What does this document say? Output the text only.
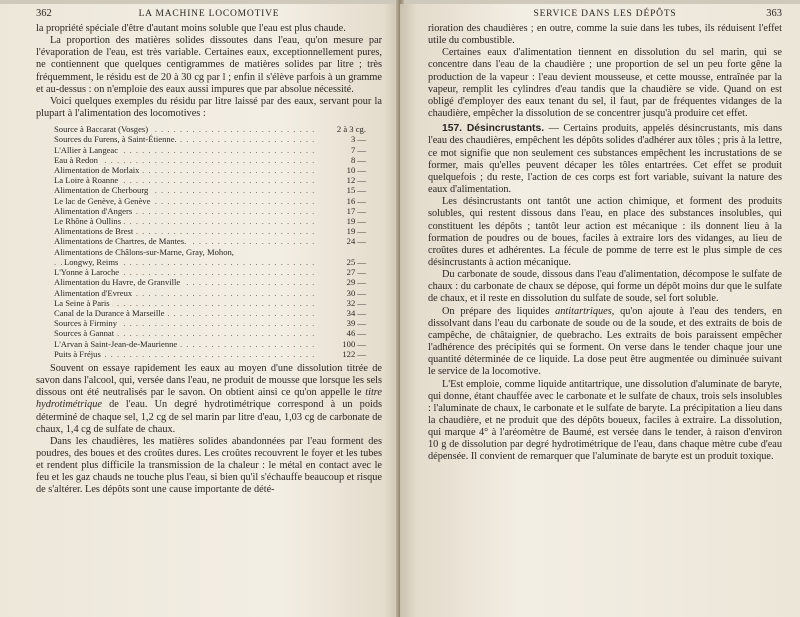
362	LA MACHINE LOCOMOTIVE

la propriété spéciale d'être d'autant moins soluble que l'eau est plus chaude.

La proportion des matières solides dissoutes dans l'eau, qu'on mesure par l'évaporation de l'eau, est très variable. Certaines eaux, exceptionnellement pures, ne contiennent que quelques centigrammes de matières solides par litre ; très fréquemment, le résidu est de 20 à 30 cg par l ; enfin il s'élève parfois à un gramme et au-dessus : on n'emploie des eaux aussi impures que par absolue nécessité.

Voici quelques exemples du résidu par litre laissé par des eaux, servant pour la plupart à l'alimentation des locomotives :

Source à Baccarat (Vosges) . . .	2 à 3 cg.
Sources du Furens, à Saint-Étienne. . . .	3 —
L'Allier à Langeac . . .	7 —
Eau à Redon . . .	8 —
Alimentation de Morlaix . . .	10 —
La Loire à Roanne . . .	12 —
Alimentation de Cherbourg . . .	15 —
Le lac de Genève, à Genève . . .	16 —
Alimentation d'Angers . . .	17 —
Le Rhône à Oullins . . .	19 —
Alimentations de Brest . . .	19 —
Alimentations de Chartres, de Mantes. . . .	24 —
Alimentations de Châlons-sur-Marne, Gray, Mohon,
Longwy, Reims . . .	25 —
L'Yonne à Laroche . . .	27 —
Alimentation du Havre, de Granville . . .	29 —
Alimentation d'Evreux . . .	30 —
La Seine à Paris . . .	32 —
Canal de la Durance à Marseille . . .	34 —
Sources à Firminy . . .	39 —
Sources à Gannat . . .	46 —
L'Arvan à Saint-Jean-de-Maurienne . . .	100 —
Puits à Fréjus . . .	122 —

Souvent on essaye rapidement les eaux au moyen d'une dissolution titrée de savon dans l'alcool, qui, versée dans l'eau, ne produit de mousse que lorsque les sels dissous ont été neutralisés par le savon. On obtient ainsi ce qu'on appelle le titre hydrotimétrique de l'eau. Un degré hydrotimétrique correspond à un poids déterminé de chaque sel, 1,2 cg de sel marin par litre d'eau, 1,03 cg de carbonate de chaux, 1,4 cg de sulfate de chaux.

Dans les chaudières, les matières solides abandonnées par l'eau forment des poudres, des boues et des croûtes dures. Les croûtes recouvrent le foyer et les tubes et rendent plus difficile la transmission de la chaleur : le métal en contact avec le feu et les gaz chauds ne touche plus l'eau, si bien qu'il s'échauffe beaucoup et risque de s'altérer. Les dépôts sont une cause importante de dété-

SERVICE DANS LES DÉPÔTS	363

rioration des chaudières ; en outre, comme la suie dans les tubes, ils réduisent l'effet utile du combustible.

Certaines eaux d'alimentation tiennent en dissolution du sel marin, qui se concentre dans l'eau de la chaudière ; une proportion de sel un peu forte gêne la production de la vapeur : l'eau devient mousseuse, et cette mousse, entraînée par la vapeur, remplit les cylindres d'eau tandis que la chaudière se vide. Quand on est obligé d'employer des eaux tenant du sel, il faut, par de fréquentes vidanges de la chaudière, empêcher la dissolution de se concentrer jusqu'à produire cet effet.

157. Désincrustants. — Certains produits, appelés désincrustants, mis dans l'eau des chaudières, empêchent les dépôts solides d'adhérer aux tôles ; pris à la lettre, ce mot signifie que non seulement ces substances empêchent les incrustations de se former, mais qu'elles peuvent décaper les tôles entartrées. Cet effet se produit quelquefois ; du reste, l'action de ces corps est fort variable, suivant la nature des eaux d'alimentation.

Les désincrustants ont tantôt une action chimique, et forment des produits solubles, qui restent dissous dans l'eau, en place des substances insolubles, qui constituent les dépôts ; tantôt leur action est mécanique : ils donnent lieu à la formation de poudres ou de boues, faciles à extraire lors des vidanges, au lieu de croûtes dures et adhérentes. La fécule de pomme de terre est le plus simple de ces désincrustants à action mécanique.

Du carbonate de soude, dissous dans l'eau d'alimentation, décompose le sulfate de chaux : du carbonate de chaux se dépose, qui forme un dépôt moins dur que le sulfate de chaux, et il reste en dissolution du sulfate de soude, sel fort soluble.

On prépare des liquides antitartriques, qu'on ajoute à l'eau des tenders, en dissolvant dans l'eau du carbonate de soude ou de la soude, et des extraits de bois de campêche, de châtaignier, de quebracho. Les extraits de bois paraissent empêcher l'adhérence des précipités qui se forment. On verse dans le tender chaque jour une quantité déterminée de ce liquide. La dose peut être augmentée ou diminuée suivant le service de la locomotive.

L'Est emploie, comme liquide antitartrique, une dissolution d'aluminate de baryte, qui donne, étant chauffée avec le carbonate et le sulfate de chaux, trois sels insolubles : l'aluminate de chaux, le carbonate et le sulfate de baryte. La précipitation a lieu dans la chaudière, et ne produit que des dépôts boueux, faciles à extraire. La dissolution, qui marque 4° à l'aréomètre de Baumé, est versée dans le tender, à raison d'environ 10 g de dissolution par degré hydrotimétrique de l'eau, dans chaque mètre cube d'eau dépensée. Il convient de remarquer que l'aluminate de baryte est un produit toxique.
